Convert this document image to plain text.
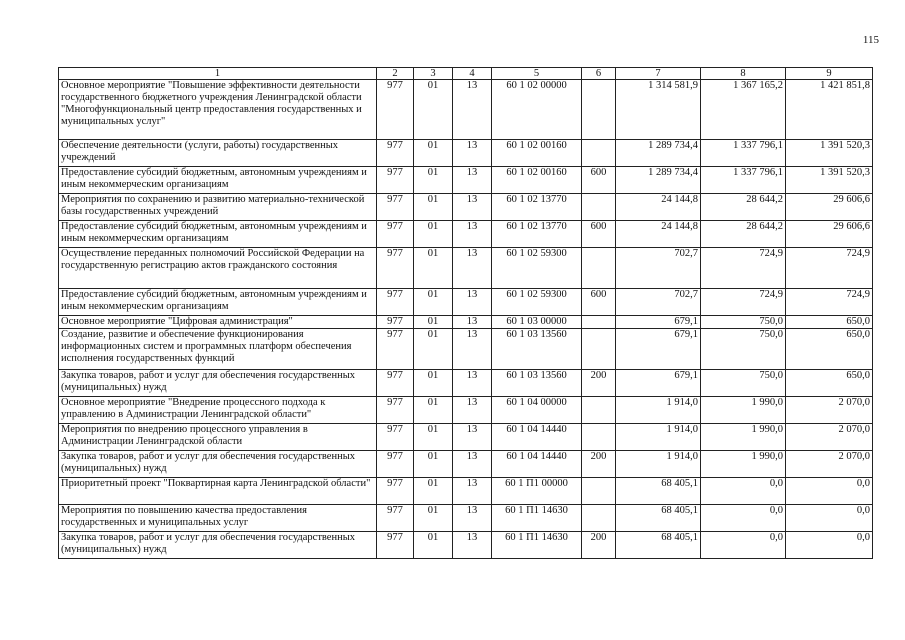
115
1	2	3	4	5	6	7	8	9
Основное мероприятие "Повышение эффективности деятельности государственного бюджетного учреждения Ленинградской области "Многофункциональный центр предоставления государственных и муниципальных услуг"	977	01	13	60 1 02 00000		1 314 581,9	1 367 165,2	1 421 851,8
Обеспечение деятельности (услуги, работы) государственных учреждений	977	01	13	60 1 02 00160		1 289 734,4	1 337 796,1	1 391 520,3
Предоставление субсидий бюджетным, автономным учреждениям и иным некоммерческим организациям	977	01	13	60 1 02 00160	600	1 289 734,4	1 337 796,1	1 391 520,3
Мероприятия по сохранению и развитию материально-технической базы государственных учреждений	977	01	13	60 1 02 13770		24 144,8	28 644,2	29 606,6
Предоставление субсидий бюджетным, автономным учреждениям и иным некоммерческим организациям	977	01	13	60 1 02 13770	600	24 144,8	28 644,2	29 606,6
Осуществление переданных полномочий Российской Федерации на государственную регистрацию актов гражданского состояния	977	01	13	60 1 02 59300		702,7	724,9	724,9
Предоставление субсидий бюджетным, автономным учреждениям и иным некоммерческим организациям	977	01	13	60 1 02 59300	600	702,7	724,9	724,9
Основное мероприятие "Цифровая администрация"	977	01	13	60 1 03 00000		679,1	750,0	650,0
Создание, развитие и обеспечение функционирования информационных систем и программных платформ обеспечения исполнения государственных функций	977	01	13	60 1 03 13560		679,1	750,0	650,0
Закупка товаров, работ и услуг для обеспечения государственных (муниципальных) нужд	977	01	13	60 1 03 13560	200	679,1	750,0	650,0
Основное мероприятие "Внедрение процессного подхода к управлению в Администрации Ленинградской области"	977	01	13	60 1 04 00000		1 914,0	1 990,0	2 070,0
Мероприятия по внедрению процессного управления в Администрации Ленинградской области	977	01	13	60 1 04 14440		1 914,0	1 990,0	2 070,0
Закупка товаров, работ и услуг для обеспечения государственных (муниципальных) нужд	977	01	13	60 1 04 14440	200	1 914,0	1 990,0	2 070,0
Приоритетный проект "Поквартирная карта Ленинградской области"	977	01	13	60 1 П1 00000		68 405,1	0,0	0,0
Мероприятия по повышению качества предоставления государственных и муниципальных услуг	977	01	13	60 1 П1 14630		68 405,1	0,0	0,0
Закупка товаров, работ и услуг для обеспечения государственных (муниципальных) нужд	977	01	13	60 1 П1 14630	200	68 405,1	0,0	0,0
